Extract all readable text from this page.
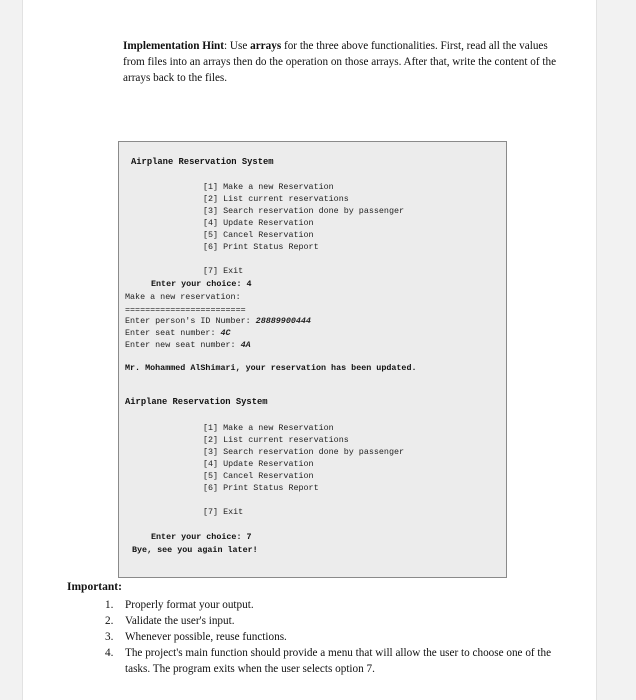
Implementation Hint: Use arrays for the three above functionalities. First, read all the values from files into an arrays then do the operation on those arrays. After that, write the content of the arrays back to the files.

Airplane Reservation System
[1] Make a new Reservation
[2] List current reservations
[3] Search reservation done by passenger
[4] Update Reservation
[5] Cancel Reservation
[6] Print Status Report
[7] Exit
Enter your choice: 4
Make a new reservation:
========================
Enter person's ID Number: 28889900444
Enter seat number: 4C
Enter new seat number: 4A
Mr. Mohammed AlShimari, your reservation has been updated.
Airplane Reservation System
[1] Make a new Reservation
[2] List current reservations
[3] Search reservation done by passenger
[4] Update Reservation
[5] Cancel Reservation
[6] Print Status Report
[7] Exit
Enter your choice: 7
Bye, see you again later!
Important:
1. Properly format your output.
2. Validate the user's input.
3. Whenever possible, reuse functions.
4. The project's main function should provide a menu that will allow the user to choose one of the tasks. The program exits when the user selects option 7.
